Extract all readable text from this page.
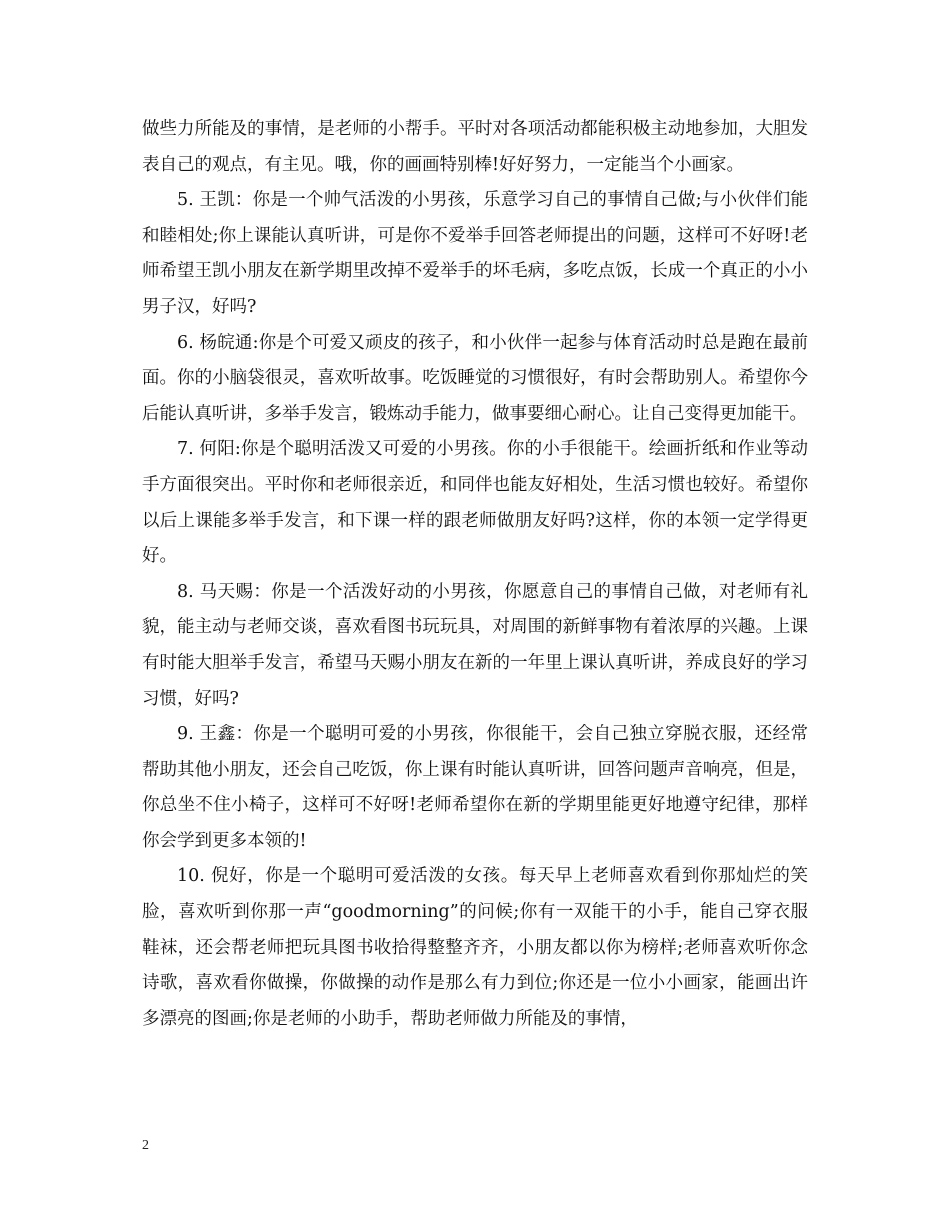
做些力所能及的事情，是老师的小帮手。平时对各项活动都能积极主动地参加，大胆发表自己的观点，有主见。哦，你的画画特别棒!好好努力，一定能当个小画家。

5. 王凯：你是一个帅气活泼的小男孩，乐意学习自己的事情自己做;与小伙伴们能和睦相处;你上课能认真听讲，可是你不爱举手回答老师提出的问题，这样可不好呀!老师希望王凯小朋友在新学期里改掉不爱举手的坏毛病，多吃点饭，长成一个真正的小小男子汉，好吗?

6. 杨皖通:你是个可爱又顽皮的孩子，和小伙伴一起参与体育活动时总是跑在最前面。你的小脑袋很灵，喜欢听故事。吃饭睡觉的习惯很好，有时会帮助别人。希望你今后能认真听讲，多举手发言，锻炼动手能力，做事要细心耐心。让自己变得更加能干。

7. 何阳:你是个聪明活泼又可爱的小男孩。你的小手很能干。绘画折纸和作业等动手方面很突出。平时你和老师很亲近，和同伴也能友好相处，生活习惯也较好。希望你以后上课能多举手发言，和下课一样的跟老师做朋友好吗?这样，你的本领一定学得更好。

8. 马天赐：你是一个活泼好动的小男孩，你愿意自己的事情自己做，对老师有礼貌，能主动与老师交谈，喜欢看图书玩玩具，对周围的新鲜事物有着浓厚的兴趣。上课有时能大胆举手发言，希望马天赐小朋友在新的一年里上课认真听讲，养成良好的学习习惯，好吗?

9. 王鑫：你是一个聪明可爱的小男孩，你很能干，会自己独立穿脱衣服，还经常帮助其他小朋友，还会自己吃饭，你上课有时能认真听讲，回答问题声音响亮，但是，你总坐不住小椅子，这样可不好呀!老师希望你在新的学期里能更好地遵守纪律，那样你会学到更多本领的!

10. 倪好，你是一个聪明可爱活泼的女孩。每天早上老师喜欢看到你那灿烂的笑脸，喜欢听到你那一声“goodmorning”的问候;你有一双能干的小手，能自己穿衣服鞋袜，还会帮老师把玩具图书收拾得整整齐齐，小朋友都以你为榜样;老师喜欢听你念诗歌，喜欢看你做操，你做操的动作是那么有力到位;你还是一位小小画家，能画出许多漂亮的图画;你是老师的小助手，帮助老师做力所能及的事情，

2
